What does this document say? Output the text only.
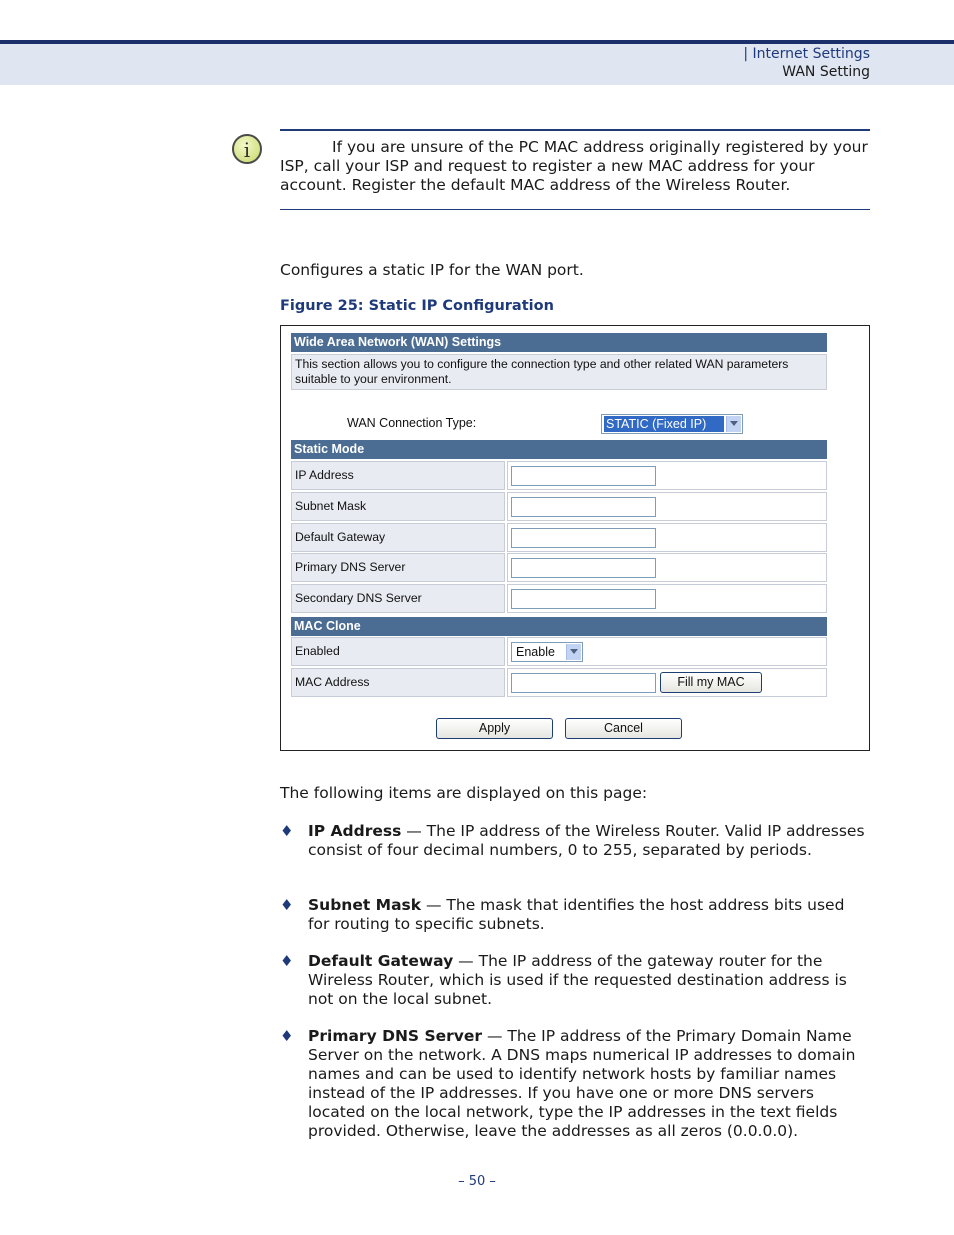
| Internet Settings
WAN Setting
i	If you are unsure of the PC MAC address originally registered by your ISP, call your ISP and request to register a new MAC address for your account. Register the default MAC address of the Wireless Router.
Configures a static IP for the WAN port.
Figure 25: Static IP Configuration
Wide Area Network (WAN) Settings
This section allows you to configure the connection type and other related WAN parameters suitable to your environment.
WAN Connection Type:	STATIC (Fixed IP)
Static Mode
IP Address
Subnet Mask
Default Gateway
Primary DNS Server
Secondary DNS Server
MAC Clone
Enabled	Enable
MAC Address	Fill my MAC
Apply	Cancel
The following items are displayed on this page:
♦ IP Address — The IP address of the Wireless Router. Valid IP addresses consist of four decimal numbers, 0 to 255, separated by periods.
♦ Subnet Mask — The mask that identifies the host address bits used for routing to specific subnets.
♦ Default Gateway — The IP address of the gateway router for the Wireless Router, which is used if the requested destination address is not on the local subnet.
♦ Primary DNS Server — The IP address of the Primary Domain Name Server on the network. A DNS maps numerical IP addresses to domain names and can be used to identify network hosts by familiar names instead of the IP addresses. If you have one or more DNS servers located on the local network, type the IP addresses in the text fields provided. Otherwise, leave the addresses as all zeros (0.0.0.0).
– 50 –
